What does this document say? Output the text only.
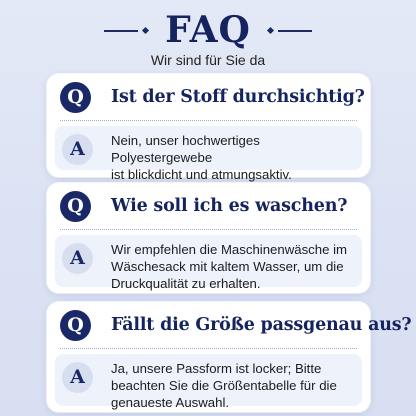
FAQ
Wir sind für Sie da
Q	Ist der Stoff durchsichtig?
A	Nein, unser hochwertiges Polyestergewebe
ist blickdicht und atmungsaktiv.
Q	Wie soll ich es waschen?
A	Wir empfehlen die Maschinenwäsche im
Wäschesack mit kaltem Wasser, um die
Druckqualität zu erhalten.
Q	Fällt die Größe passgenau aus?
A	Ja, unsere Passform ist locker; Bitte
beachten Sie die Größentabelle für die
genaueste Auswahl.
